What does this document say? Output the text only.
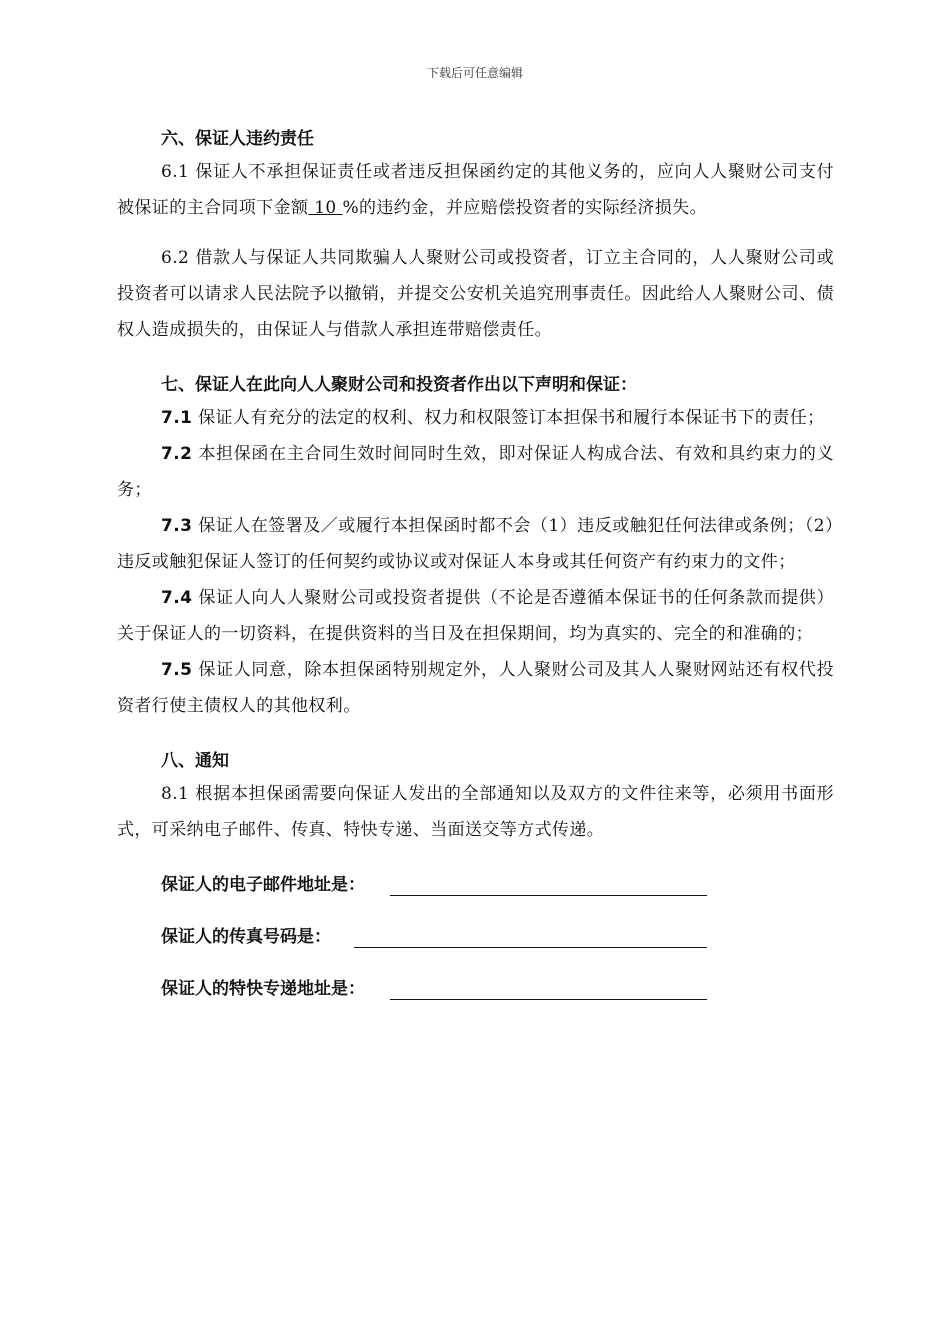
下载后可任意编辑
六、保证人违约责任

6.1 保证人不承担保证责任或者违反担保函约定的其他义务的，应向人人聚财公司支付被保证的主合同项下金额 10 %的违约金，并应赔偿投资者的实际经济损失。

6.2 借款人与保证人共同欺骗人人聚财公司或投资者，订立主合同的，人人聚财公司或投资者可以请求人民法院予以撤销，并提交公安机关追究刑事责任。因此给人人聚财公司、债权人造成损失的，由保证人与借款人承担连带赔偿责任。

七、保证人在此向人人聚财公司和投资者作出以下声明和保证：

7.1 保证人有充分的法定的权利、权力和权限签订本担保书和履行本保证书下的责任；

7.2 本担保函在主合同生效时间同时生效，即对保证人构成合法、有效和具约束力的义务；

7.3 保证人在签署及／或履行本担保函时都不会（1）违反或触犯任何法律或条例；（2）违反或触犯保证人签订的任何契约或协议或对保证人本身或其任何资产有约束力的文件；

7.4 保证人向人人聚财公司或投资者提供（不论是否遵循本保证书的任何条款而提供）关于保证人的一切资料，在提供资料的当日及在担保期间，均为真实的、完全的和准确的；

7.5 保证人同意，除本担保函特别规定外，人人聚财公司及其人人聚财网站还有权代投资者行使主债权人的其他权利。

八、通知

8.1 根据本担保函需要向保证人发出的全部通知以及双方的文件往来等，必须用书面形式，可采纳电子邮件、传真、特快专递、当面送交等方式传递。

保证人的电子邮件地址是：
保证人的传真号码是：
保证人的特快专递地址是：
